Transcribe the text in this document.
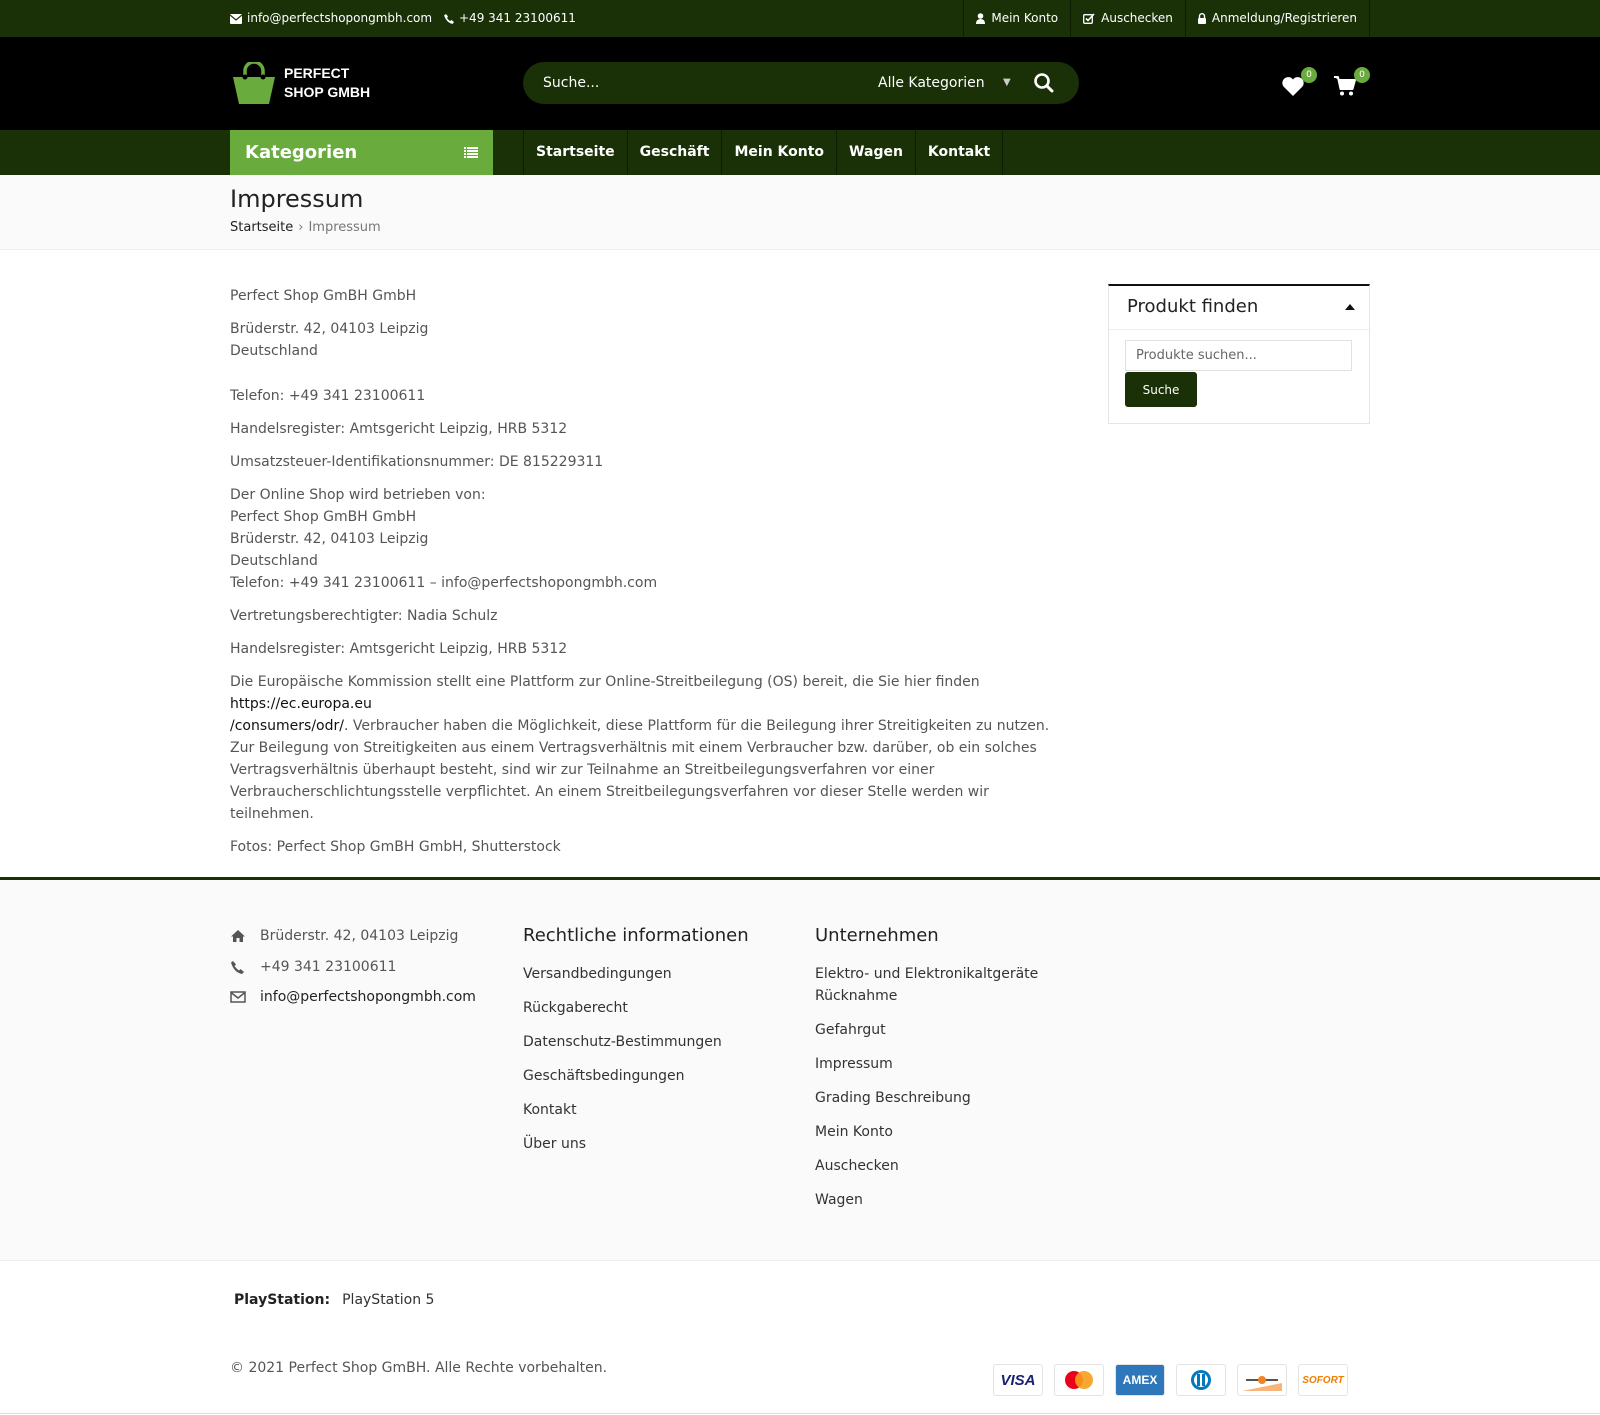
info@perfectshopongmbh.com +49 341 23100611	Mein Konto	Auschecken	Anmeldung/Registrieren
PERFECT
SHOP GMBH
Suche...
Alle Kategorien ▼
0	0
Kategorien	Startseite	Geschäft	Mein Konto	Wagen	Kontakt
Impressum
Startseite › Impressum

Perfect Shop GmBH GmbH

Brüderstr. 42, 04103 Leipzig
Deutschland

Telefon: +49 341 23100611

Handelsregister: Amtsgericht Leipzig, HRB 5312

Umsatzsteuer-Identifikationsnummer: DE 815229311

Der Online Shop wird betrieben von:
Perfect Shop GmBH GmbH
Brüderstr. 42, 04103 Leipzig
Deutschland
Telefon: +49 341 23100611 – info@perfectshopongmbh.com

Vertretungsberechtigter: Nadia Schulz

Handelsregister: Amtsgericht Leipzig, HRB 5312

Die Europäische Kommission stellt eine Plattform zur Online-Streitbeilegung (OS) bereit, die Sie hier finden https://ec.europa.eu
/consumers/odr/. Verbraucher haben die Möglichkeit, diese Plattform für die Beilegung ihrer Streitigkeiten zu nutzen.
Zur Beilegung von Streitigkeiten aus einem Vertragsverhältnis mit einem Verbraucher bzw. darüber, ob ein solches
Vertragsverhältnis überhaupt besteht, sind wir zur Teilnahme an Streitbeilegungsverfahren vor einer
Verbraucherschlichtungsstelle verpflichtet. An einem Streitbeilegungsverfahren vor dieser Stelle werden wir teilnehmen.

Fotos: Perfect Shop GmBH GmbH, Shutterstock

Produkt finden
Produkte suchen...
Suche
Brüderstr. 42, 04103 Leipzig
+49 341 23100611
info@perfectshopongmbh.com
Rechtliche informationen
Versandbedingungen
Rückgaberecht
Datenschutz-Bestimmungen
Geschäftsbedingungen
Kontakt
Über uns
Unternehmen
Elektro- und Elektronikaltgeräte Rücknahme
Gefahrgut
Impressum
Grading Beschreibung
Mein Konto
Auschecken
Wagen
PlayStation: PlayStation 5
© 2021 Perfect Shop GmBH. Alle Rechte vorbehalten.
VISA	AMEX	SOFORT
